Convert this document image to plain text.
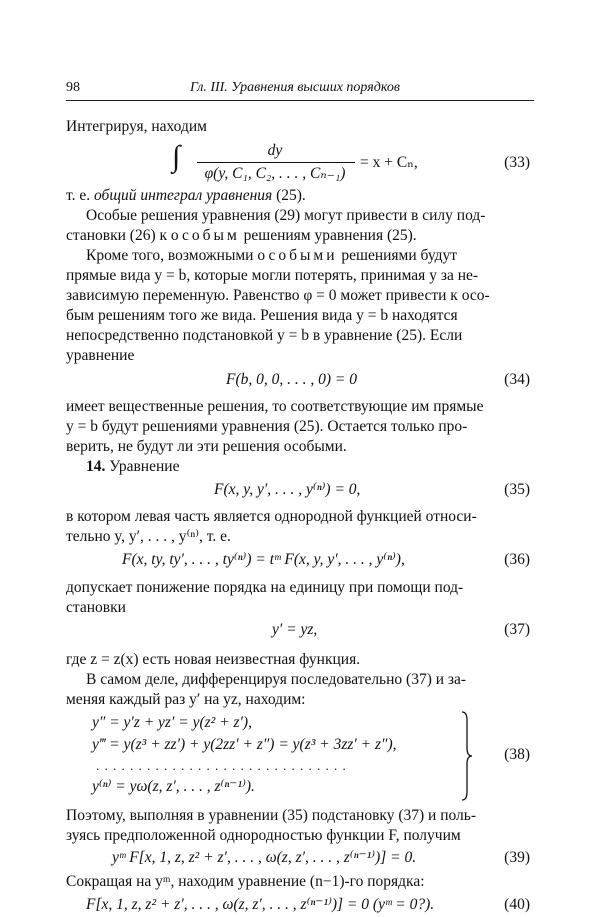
98	Гл. III. Уравнения высших порядков
Интегрируя, находим
∫	dy
φ(y, C₁, C₂, . . . , Cₙ₋₁)
= x + Cₙ,	(33)
т. е. общий интеграл уравнения (25).
Особые решения уравнения (29) могут привести в силу под-
становки (26) к особым решениям уравнения (25).
Кроме того, возможными особыми решениями будут
прямые вида y = b, которые могли потерять, принимая y за не-
зависимую переменную. Равенство φ = 0 может привести к осо-
бым решениям того же вида. Решения вида y = b находятся
непосредственно подстановкой y = b в уравнение (25). Если
уравнение
F(b, 0, 0, . . . , 0) = 0	(34)
имеет вещественные решения, то соответствующие им прямые
y = b будут решениями уравнения (25). Остается только про-
верить, не будут ли эти решения особыми.
14. Уравнение
F(x, y, y′, . . . , y⁽ⁿ⁾) = 0,	(35)
в котором левая часть является однородной функцией относи-
тельно y, y′, . . . , y⁽ⁿ⁾, т. е.
F(x, ty, ty′, . . . , ty⁽ⁿ⁾) = tᵐ F(x, y, y′, . . . , y⁽ⁿ⁾),	(36)
допускает понижение порядка на единицу при помощи под-
становки
y′ = yz,	(37)
где z = z(x) есть новая неизвестная функция.
В самом деле, дифференцируя последовательно (37) и за-
меняя каждый раз y′ на yz, находим:
y″ = y′z + yz′ = y(z² + z′),
y‴ = y(z³ + zz′) + y(2zz′ + z″) = y(z³ + 3zz′ + z″),
. . . . . . . . . . . . . . . . . . . . . . . . . . . . . .
y⁽ⁿ⁾ = yω(z, z′, . . . , z⁽ⁿ⁻¹⁾).
(38)
Поэтому, выполняя в уравнении (35) подстановку (37) и поль-
зуясь предположенной однородностью функции F, получим
yᵐ F[x, 1, z, z² + z′, . . . , ω(z, z′, . . . , z⁽ⁿ⁻¹⁾)] = 0.	(39)
Сокращая на yᵐ, находим уравнение (n−1)-го порядка:
F[x, 1, z, z² + z′, . . . , ω(z, z′, . . . , z⁽ⁿ⁻¹⁾)] = 0 (yᵐ = 0?).	(40)
